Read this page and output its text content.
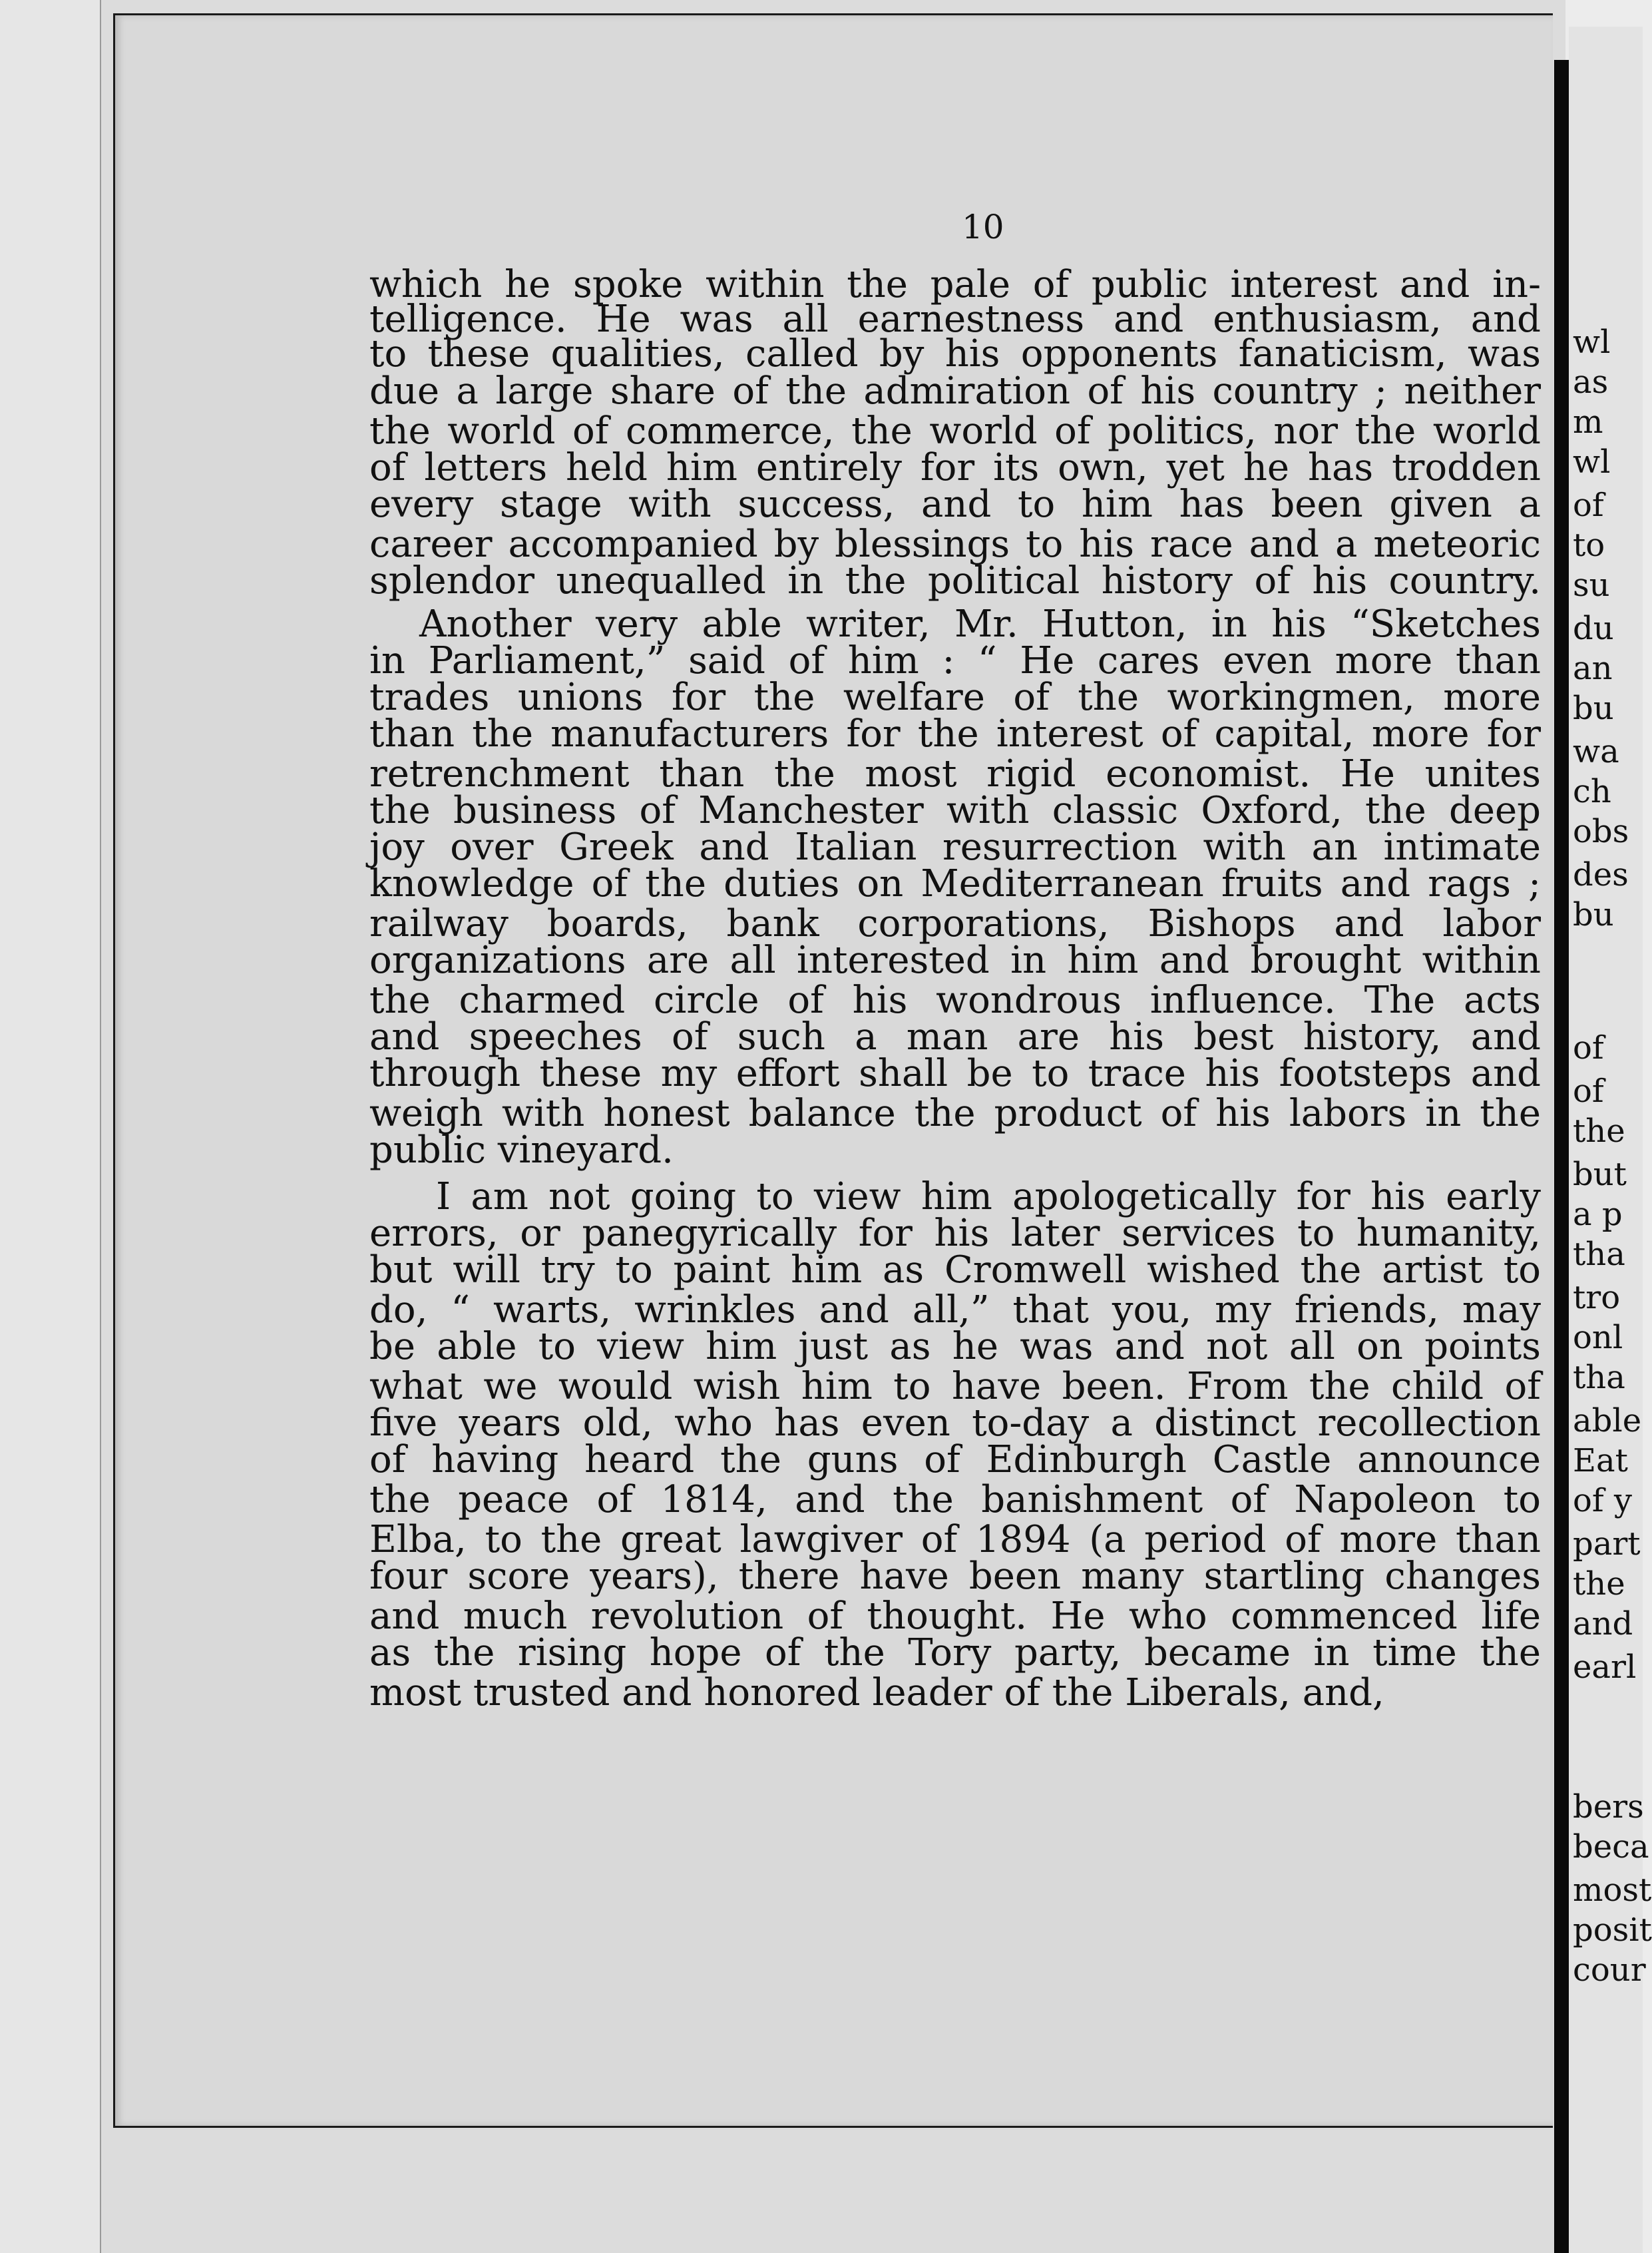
10
which he spoke within the pale of public interest and in-
telligence. He was all earnestness and enthusiasm, and
to these qualities, called by his opponents fanaticism, was
due a large share of the admiration of his country ; neither
the world of commerce, the world of politics, nor the world
of letters held him entirely for its own, yet he has trodden
every stage with success, and to him has been given a
career accompanied by blessings to his race and a meteoric
splendor unequalled in the political history of his country.
Another very able writer, Mr. Hutton, in his “Sketches
in Parliament,” said of him : “ He cares even more than
trades unions for the welfare of the workingmen, more
than the manufacturers for the interest of capital, more for
retrenchment than the most rigid economist. He unites
the business of Manchester with classic Oxford, the deep
joy over Greek and Italian resurrection with an intimate
knowledge of the duties on Mediterranean fruits and rags ;
railway boards, bank corporations, Bishops and labor
organizations are all interested in him and brought within
the charmed circle of his wondrous influence. The acts
and speeches of such a man are his best history, and
through these my effort shall be to trace his footsteps and
weigh with honest balance the product of his labors in the
public vineyard.
I am not going to view him apologetically for his early
errors, or panegyrically for his later services to humanity,
but will try to paint him as Cromwell wished the artist to
do, “ warts, wrinkles and all,” that you, my friends, may
be able to view him just as he was and not all on points
what we would wish him to have been. From the child of
five years old, who has even to-day a distinct recollection
of having heard the guns of Edinburgh Castle announce
the peace of 1814, and the banishment of Napoleon to
Elba, to the great lawgiver of 1894 (a period of more than
four score years), there have been many startling changes
and much revolution of thought. He who commenced life
as the rising hope of the Tory party, became in time the
most trusted and honored leader of the Liberals, and,
wl
as
m
wl
of
to
su
du
an
bu
wa
ch
obs
des
bu
of
of
the
but
a p
tha
tro
onl
tha
able
Eat
of y
part
the
and
earl
bers
beca
most
posit
cour
